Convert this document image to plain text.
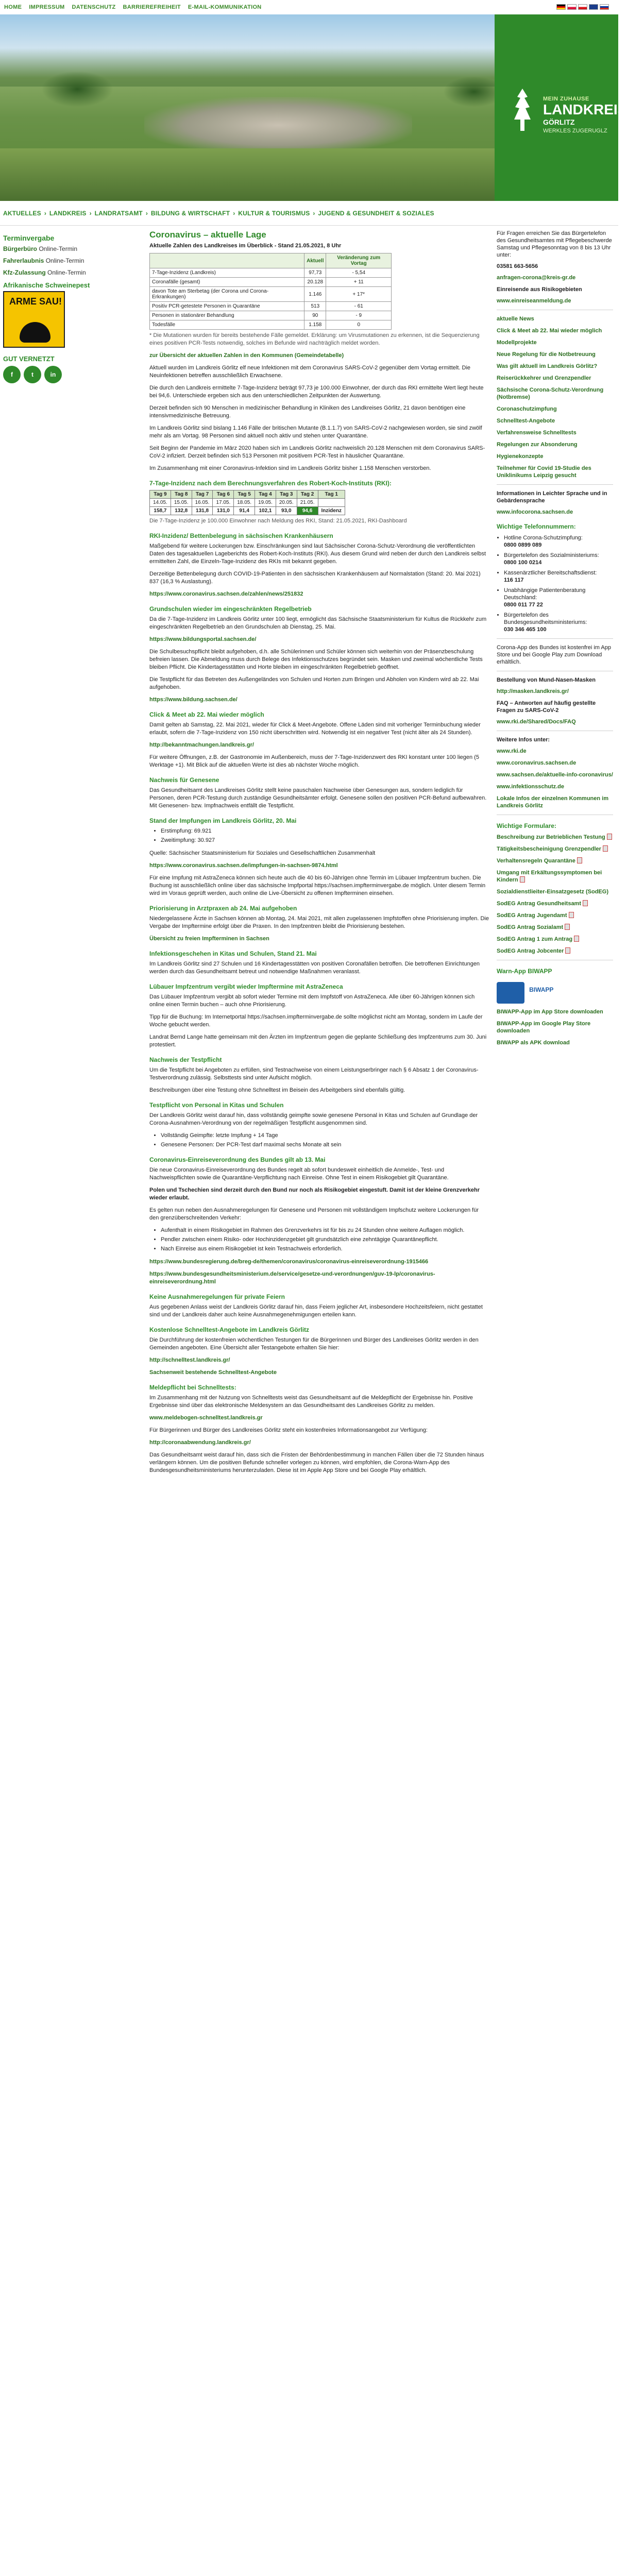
HOME IMPRESSUM DATENSCHUTZ BARRIEREFREIHEIT E-MAIL-KOMMUNIKATION
MEIN ZUHAUSE
LANDKREIS
GÖRLITZ
WERKLES ZUGERUGLZ
AKTUELLES › LANDKREIS › LANDRATSAMT › BILDUNG & WIRTSCHAFT › KULTUR & TOURISMUS › JUGEND & GESUNDHEIT & SOZIALES
Terminvergabe
Bürgerbüro Online-Termin
Fahrerlaubnis Online-Termin
Kfz-Zulassung Online-Termin
Afrikanische Schweinepest
ARME SAU!
GUT VERNETZT
f	t	in
Coronavirus – aktuelle Lage

Aktuelle Zahlen des Landkreises im Überblick - Stand 21.05.2021, 8 Uhr

	Aktuell	Veränderung zum Vortag
7-Tage-Inzidenz (Landkreis)	97,73	- 5,54
Coronafälle (gesamt)	20.128	+ 11
davon Tote am Sterbetag (der Corona und Corona-Erkrankungen)	1.146	+ 17*
Positiv PCR-getestete Personen in Quarantäne	513	- 61
Personen in stationärer Behandlung	90	- 9
Todesfälle	1.158	0

* Die Mutationen wurden für bereits bestehende Fälle gemeldet. Erklärung: um Virusmutationen zu erkennen, ist die Sequenzierung eines positiven PCR-Tests notwendig, solches im Befunde wird nachträglich meldet worden.

zur Übersicht der aktuellen Zahlen in den Kommunen (Gemeindetabelle)

Aktuell wurden im Landkreis Görlitz elf neue Infektionen mit dem Coronavirus SARS-CoV-2 gegenüber dem Vortag ermittelt. Die Neuinfektionen betreffen ausschließlich Erwachsene.

Die durch den Landkreis ermittelte 7-Tage-Inzidenz beträgt 97,73 je 100.000 Einwohner, der durch das RKI ermittelte Wert liegt heute bei 94,6. Unterschiede ergeben sich aus den unterschiedlichen Zeitpunkten der Auswertung.

Derzeit befinden sich 90 Menschen in medizinischer Behandlung in Kliniken des Landkreises Görlitz, 21 davon benötigen eine intensivmedizinische Betreuung.

Im Landkreis Görlitz sind bislang 1.146 Fälle der britischen Mutante (B.1.1.7) von SARS-CoV-2 nachgewiesen worden, sie sind zwölf mehr als am Vortag. 98 Personen sind aktuell noch aktiv und stehen unter Quarantäne.

Seit Beginn der Pandemie im März 2020 haben sich im Landkreis Görlitz nachweislich 20.128 Menschen mit dem Coronavirus SARS-CoV-2 infiziert. Derzeit befinden sich 513 Personen mit positivem PCR-Test in häuslicher Quarantäne.

Im Zusammenhang mit einer Coronavirus-Infektion sind im Landkreis Görlitz bisher 1.158 Menschen verstorben.

7-Tage-Inzidenz nach dem Berechnungsverfahren des Robert-Koch-Instituts (RKI):
Tag 9	Tag 8	Tag 7	Tag 6	Tag 5	Tag 4	Tag 3	Tag 2	Tag 1
14.05.	15.05.	16.05.	17.05.	18.05.	19.05.	20.05.	21.05.	
158,7	132,8	131,8	131,0	91,4	102,1	93,0	94,6	Inzidenz

Die 7-Tage-Inzidenz je 100.000 Einwohner nach Meldung des RKI, Stand: 21.05.2021, RKI-Dashboard

RKI-Inzidenz/ Bettenbelegung in sächsischen Krankenhäusern

Maßgebend für weitere Lockerungen bzw. Einschränkungen sind laut Sächsischer Corona-Schutz-Verordnung die veröffentlichten Daten des tagesaktuellen Lageberichts des Robert-Koch-Instituts (RKI). Aus diesem Grund wird neben der durch den Landkreis selbst ermittelten Zahl, die Einzeln-Tage-Inzidenz des RKIs mit bekannt gegeben.

Derzeitige Bettenbelegung durch COVID-19-Patienten in den sächsischen Krankenhäusern auf Normalstation (Stand: 20. Mai 2021) 837 (16,3 % Auslastung).

https://www.coronavirus.sachsen.de/zahlen/news/251832

Grundschulen wieder im eingeschränkten Regelbetrieb

Da die 7-Tage-Inzidenz im Landkreis Görlitz unter 100 liegt, ermöglicht das Sächsische Staatsministerium für Kultus die Rückkehr zum eingeschränkten Regelbetrieb an den Grundschulen ab Dienstag, 25. Mai.

https://www.bildungsportal.sachsen.de/

Die Schulbesuchspflicht bleibt aufgehoben, d.h. alle Schülerinnen und Schüler können sich weiterhin von der Präsenzbeschulung befreien lassen. Die Abmeldung muss durch Belege des Infektionsschutzes begründet sein. Masken und zweimal wöchentliche Tests bleiben Pflicht. Die Kindertagesstätten und Horte bleiben im eingeschränkten Regelbetrieb geöffnet.

Die Testpflicht für das Betreten des Außengeländes von Schulen und Horten zum Bringen und Abholen von Kindern wird ab 22. Mai aufgehoben.

https://www.bildung.sachsen.de/

Click & Meet ab 22. Mai wieder möglich

Damit gelten ab Samstag, 22. Mai 2021, wieder für Click & Meet-Angebote. Offene Läden sind mit vorheriger Terminbuchung wieder erlaubt, sofern die 7-Tage-Inzidenz von 150 nicht überschritten wird. Notwendig ist ein negativer Test (nicht älter als 24 Stunden).

http://bekanntmachungen.landkreis.gr/

Für weitere Öffnungen, z.B. der Gastronomie im Außenbereich, muss der 7-Tage-Inzidenzwert des RKI konstant unter 100 liegen (5 Werktage +1). Mit Blick auf die aktuellen Werte ist dies ab nächster Woche möglich.

Nachweis für Genesene

Das Gesundheitsamt des Landkreises Görlitz stellt keine pauschalen Nachweise über Genesungen aus, sondern lediglich für Personen, deren PCR-Testung durch zuständige Gesundheitsämter erfolgt. Genesene sollen den positiven PCR-Befund aufbewahren. Mit Genesenen- bzw. Impfnachweis entfällt die Testpflicht.

Stand der Impfungen im Landkreis Görlitz, 20. Mai
• Erstimpfung: 69.921
• Zweitimpfung: 30.927

Quelle: Sächsischer Staatsministerium für Soziales und Gesellschaftlichen Zusammenhalt

https://www.coronavirus.sachsen.de/impfungen-in-sachsen-9874.html

Für eine Impfung mit AstraZeneca können sich heute auch die 40 bis 60-Jährigen ohne Termin im Lübauer Impfzentrum buchen. Die Buchung ist ausschließlich online über das sächsische Impfportal https://sachsen.impfterminvergabe.de möglich. Unter diesem Termin wird im Voraus geprüft werden, auch online die Live-Übersicht zu offenen Impfterminen einsehen.

Priorisierung in Arztpraxen ab 24. Mai aufgehoben

Niedergelassene Ärzte in Sachsen können ab Montag, 24. Mai 2021, mit allen zugelassenen Impfstoffen ohne Priorisierung impfen. Die Vergabe der Impftermine erfolgt über die Praxen. In den Impfzentren bleibt die Priorisierung bestehen.

Übersicht zu freien Impfterminen in Sachsen

Infektionsgeschehen in Kitas und Schulen, Stand 21. Mai

Im Landkreis Görlitz sind 27 Schulen und 16 Kindertagesstätten von positiven Coronafällen betroffen. Die betroffenen Einrichtungen werden durch das Gesundheitsamt betreut und notwendige Maßnahmen veranlasst.

Lübauer Impfzentrum vergibt wieder Impftermine mit AstraZeneca

Das Lübauer Impfzentrum vergibt ab sofort wieder Termine mit dem Impfstoff von AstraZeneca. Alle über 60-Jährigen können sich online einen Termin buchen – auch ohne Priorisierung.

Tipp für die Buchung: Im Internetportal https://sachsen.impfterminvergabe.de sollte möglichst nicht am Montag, sondern im Laufe der Woche gebucht werden.

Landrat Bernd Lange hatte gemeinsam mit den Ärzten im Impfzentrum gegen die geplante Schließung des Impfzentrums zum 30. Juni protestiert.

Nachweis der Testpflicht

Um die Testpflicht bei Angeboten zu erfüllen, sind Testnachweise von einem Leistungserbringer nach § 6 Absatz 1 der Coronavirus-Testverordnung zulässig. Selbsttests sind unter Aufsicht möglich.

Beschreibungen über eine Testung ohne Schnelltest im Beisein des Arbeitgebers sind ebenfalls gültig.

Testpflicht von Personal in Kitas und Schulen

Der Landkreis Görlitz weist darauf hin, dass vollständig geimpfte sowie genesene Personal in Kitas und Schulen auf Grundlage der Corona-Ausnahmen-Verordnung von der regelmäßigen Testpflicht ausgenommen sind.

• Vollständig Geimpfte: letzte Impfung + 14 Tage
• Genesene Personen: Der PCR-Test darf maximal sechs Monate alt sein
Coronavirus-Einreiseverordnung des Bundes gilt ab 13. Mai

Die neue Coronavirus-Einreiseverordnung des Bundes regelt ab sofort bundesweit einheitlich die Anmelde-, Test- und Nachweispflichten sowie die Quarantäne-Verpflichtung nach Einreise. Ohne Test in einem Risikogebiet gilt Quarantäne.

Polen und Tschechien sind derzeit durch den Bund nur noch als Risikogebiet eingestuft. Damit ist der kleine Grenzverkehr wieder erlaubt.

Es gelten nun neben den Ausnahmeregelungen für Genesene und Personen mit vollständigem Impfschutz weitere Lockerungen für den grenzüberschreitenden Verkehr:

• Aufenthalt in einem Risikogebiet im Rahmen des Grenzverkehrs ist für bis zu 24 Stunden ohne weitere Auflagen möglich.
• Pendler zwischen einem Risiko- oder Hochinzidenzgebiet gilt grundsätzlich eine zehntägige Quarantänepflicht.
• Nach Einreise aus einem Risikogebiet ist kein Testnachweis erforderlich.

https://www.bundesregierung.de/breg-de/themen/coronavirus/coronavirus-einreiseverordnung-1915466

https://www.bundesgesundheitsministerium.de/service/gesetze-und-verordnungen/guv-19-lp/coronavirus-einreiseverordnung.html

Keine Ausnahmeregelungen für private Feiern

Aus gegebenen Anlass weist der Landkreis Görlitz darauf hin, dass Feiern jeglicher Art, insbesondere Hochzeitsfeiern, nicht gestattet sind und der Landkreis daher auch keine Ausnahmegenehmigungen erteilen kann.

Kostenlose Schnelltest-Angebote im Landkreis Görlitz

Die Durchführung der kostenfreien wöchentlichen Testungen für die Bürgerinnen und Bürger des Landkreises Görlitz werden in den Gemeinden angeboten. Eine Übersicht aller Testangebote erhalten Sie hier:

http://schnelltest.landkreis.gr/

Sachsenweit bestehende Schnelltest-Angebote

Meldepflicht bei Schnelltests:

Im Zusammenhang mit der Nutzung von Schnelltests weist das Gesundheitsamt auf die Meldepflicht der Ergebnisse hin. Positive Ergebnisse sind über das elektronische Meldesystem an das Gesundheitsamt des Landkreises Görlitz zu melden.

www.meldebogen-schnelltest.landkreis.gr

Für Bürgerinnen und Bürger des Landkreises Görlitz steht ein kostenfreies Informationsangebot zur Verfügung:

http://coronaabwendung.landkreis.gr/

Das Gesundheitsamt weist darauf hin, dass sich die Fristen der Behördenbestimmung in manchen Fällen über die 72 Stunden hinaus verlängern können. Um die positiven Befunde schneller vorlegen zu können, wird empfohlen, die Corona-Warn-App des Bundesgesundheitsministeriums herunterzuladen. Diese ist im Apple App Store und bei Google Play erhältlich.

Für Fragen erreichen Sie das Bürgertelefon des Gesundheitsamtes mit Pflegebeschwerde Samstag und Pflegesonntag von 8 bis 13 Uhr unter:

03581 663-5656

anfragen-corona@kreis-gr.de

Einreisende aus Risikogebieten

www.einreiseanmeldung.de
aktuelle News
Click & Meet ab 22. Mai wieder möglich
Modellprojekte
Neue Regelung für die Notbetreuung
Was gilt aktuell im Landkreis Görlitz?
Reiserückkehrer und Grenzpendler
Sächsische Corona-Schutz-Verordnung (Notbremse)
Coronaschutzimpfung
Schnelltest-Angebote
Verfahrensweise Schnelltests
Regelungen zur Absonderung
Hygienekonzepte
Teilnehmer für Covid 19-Studie des Uniklinikums Leipzig gesucht

Informationen in Leichter Sprache und in Gebärdensprache

www.infocorona.sachsen.de
Wichtige Telefonnummern:
• Hotline Corona-Schutzimpfung:
0800 0899 089
• Bürgertelefon des Sozialministeriums:
0800 100 0214
• Kassenärztlicher Bereitschaftsdienst:
116 117
• Unabhängige Patientenberatung Deutschland:
0800 011 77 22
• Bürgertelefon des Bundesgesundheitsministeriums:
030 346 465 100

Corona-App des Bundes ist kostenfrei im App Store und bei Google Play zum Download erhältlich.

Bestellung von Mund-Nasen-Masken

http://masken.landkreis.gr/

FAQ – Antworten auf häufig gestellte Fragen zu SARS-CoV-2

www.rki.de/Shared/Docs/FAQ

Weitere Infos unter:

www.rki.de
www.coronavirus.sachsen.de
www.sachsen.de/aktuelle-info-coronavirus/
www.infektionsschutz.de
Lokale Infos der einzelnen Kommunen im Landkreis Görlitz
Wichtige Formulare:
Beschreibung zur Betrieblichen Testung
Tätigkeitsbescheinigung Grenzpendler
Verhaltensregeln Quarantäne
Umgang mit Erkältungssymptomen bei Kindern
Sozialdienstlieiter-Einsatzgesetz (SodEG)
SodEG Antrag Gesundheitsamt
SodEG Antrag Jugendamt
SodEG Antrag Sozialamt
SodEG Antrag 1 zum Antrag
SodEG Antrag Jobcenter
Warn-App BIWAPP
BIWAPP
BIWAPP-App im App Store downloaden
BIWAPP-App im Google Play Store downloaden
BIWAPP als APK download
